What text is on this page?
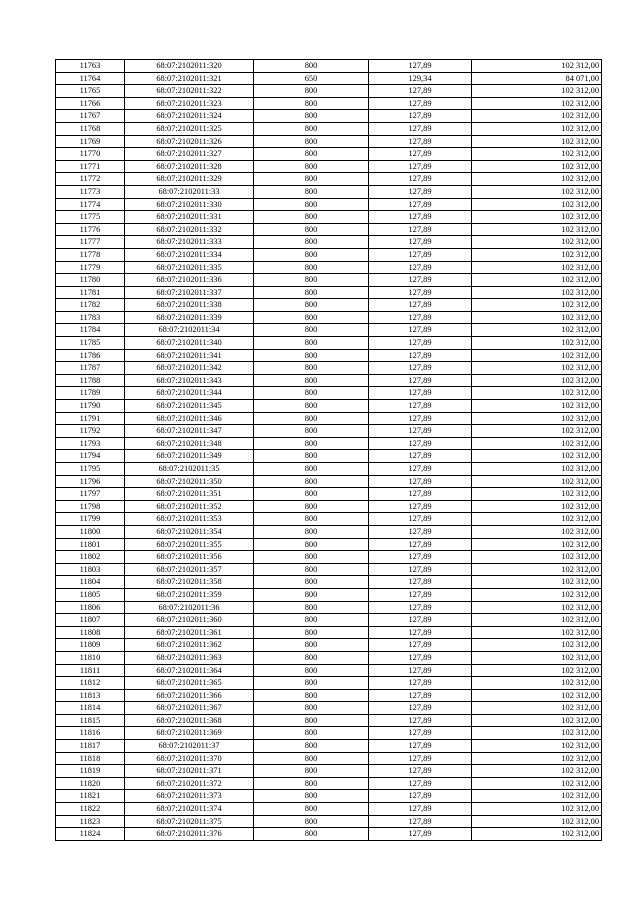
11763	68:07:2102011:320	800	127,89	102 312,00
11764	68:07:2102011:321	650	129,34	84 071,00
11765	68:07:2102011:322	800	127,89	102 312,00
11766	68:07:2102011:323	800	127,89	102 312,00
11767	68:07:2102011:324	800	127,89	102 312,00
11768	68:07:2102011:325	800	127,89	102 312,00
11769	68:07:2102011:326	800	127,89	102 312,00
11770	68:07:2102011:327	800	127,89	102 312,00
11771	68:07:2102011:328	800	127,89	102 312,00
11772	68:07:2102011:329	800	127,89	102 312,00
11773	68:07:2102011:33	800	127,89	102 312,00
11774	68:07:2102011:330	800	127,89	102 312,00
11775	68:07:2102011:331	800	127,89	102 312,00
11776	68:07:2102011:332	800	127,89	102 312,00
11777	68:07:2102011:333	800	127,89	102 312,00
11778	68:07:2102011:334	800	127,89	102 312,00
11779	68:07:2102011:335	800	127,89	102 312,00
11780	68:07:2102011:336	800	127,89	102 312,00
11781	68:07:2102011:337	800	127,89	102 312,00
11782	68:07:2102011:338	800	127,89	102 312,00
11783	68:07:2102011:339	800	127,89	102 312,00
11784	68:07:2102011:34	800	127,89	102 312,00
11785	68:07:2102011:340	800	127,89	102 312,00
11786	68:07:2102011:341	800	127,89	102 312,00
11787	68:07:2102011:342	800	127,89	102 312,00
11788	68:07:2102011:343	800	127,89	102 312,00
11789	68:07:2102011:344	800	127,89	102 312,00
11790	68:07:2102011:345	800	127,89	102 312,00
11791	68:07:2102011:346	800	127,89	102 312,00
11792	68:07:2102011:347	800	127,89	102 312,00
11793	68:07:2102011:348	800	127,89	102 312,00
11794	68:07:2102011:349	800	127,89	102 312,00
11795	68:07:2102011:35	800	127,89	102 312,00
11796	68:07:2102011:350	800	127,89	102 312,00
11797	68:07:2102011:351	800	127,89	102 312,00
11798	68:07:2102011:352	800	127,89	102 312,00
11799	68:07:2102011:353	800	127,89	102 312,00
11800	68:07:2102011:354	800	127,89	102 312,00
11801	68:07:2102011:355	800	127,89	102 312,00
11802	68:07:2102011:356	800	127,89	102 312,00
11803	68:07:2102011:357	800	127,89	102 312,00
11804	68:07:2102011:358	800	127,89	102 312,00
11805	68:07:2102011:359	800	127,89	102 312,00
11806	68:07:2102011:36	800	127,89	102 312,00
11807	68:07:2102011:360	800	127,89	102 312,00
11808	68:07:2102011:361	800	127,89	102 312,00
11809	68:07:2102011:362	800	127,89	102 312,00
11810	68:07:2102011:363	800	127,89	102 312,00
11811	68:07:2102011:364	800	127,89	102 312,00
11812	68:07:2102011:365	800	127,89	102 312,00
11813	68:07:2102011:366	800	127,89	102 312,00
11814	68:07:2102011:367	800	127,89	102 312,00
11815	68:07:2102011:368	800	127,89	102 312,00
11816	68:07:2102011:369	800	127,89	102 312,00
11817	68:07:2102011:37	800	127,89	102 312,00
11818	68:07:2102011:370	800	127,89	102 312,00
11819	68:07:2102011:371	800	127,89	102 312,00
11820	68:07:2102011:372	800	127,89	102 312,00
11821	68:07:2102011:373	800	127,89	102 312,00
11822	68:07:2102011:374	800	127,89	102 312,00
11823	68:07:2102011:375	800	127,89	102 312,00
11824	68:07:2102011:376	800	127,89	102 312,00
